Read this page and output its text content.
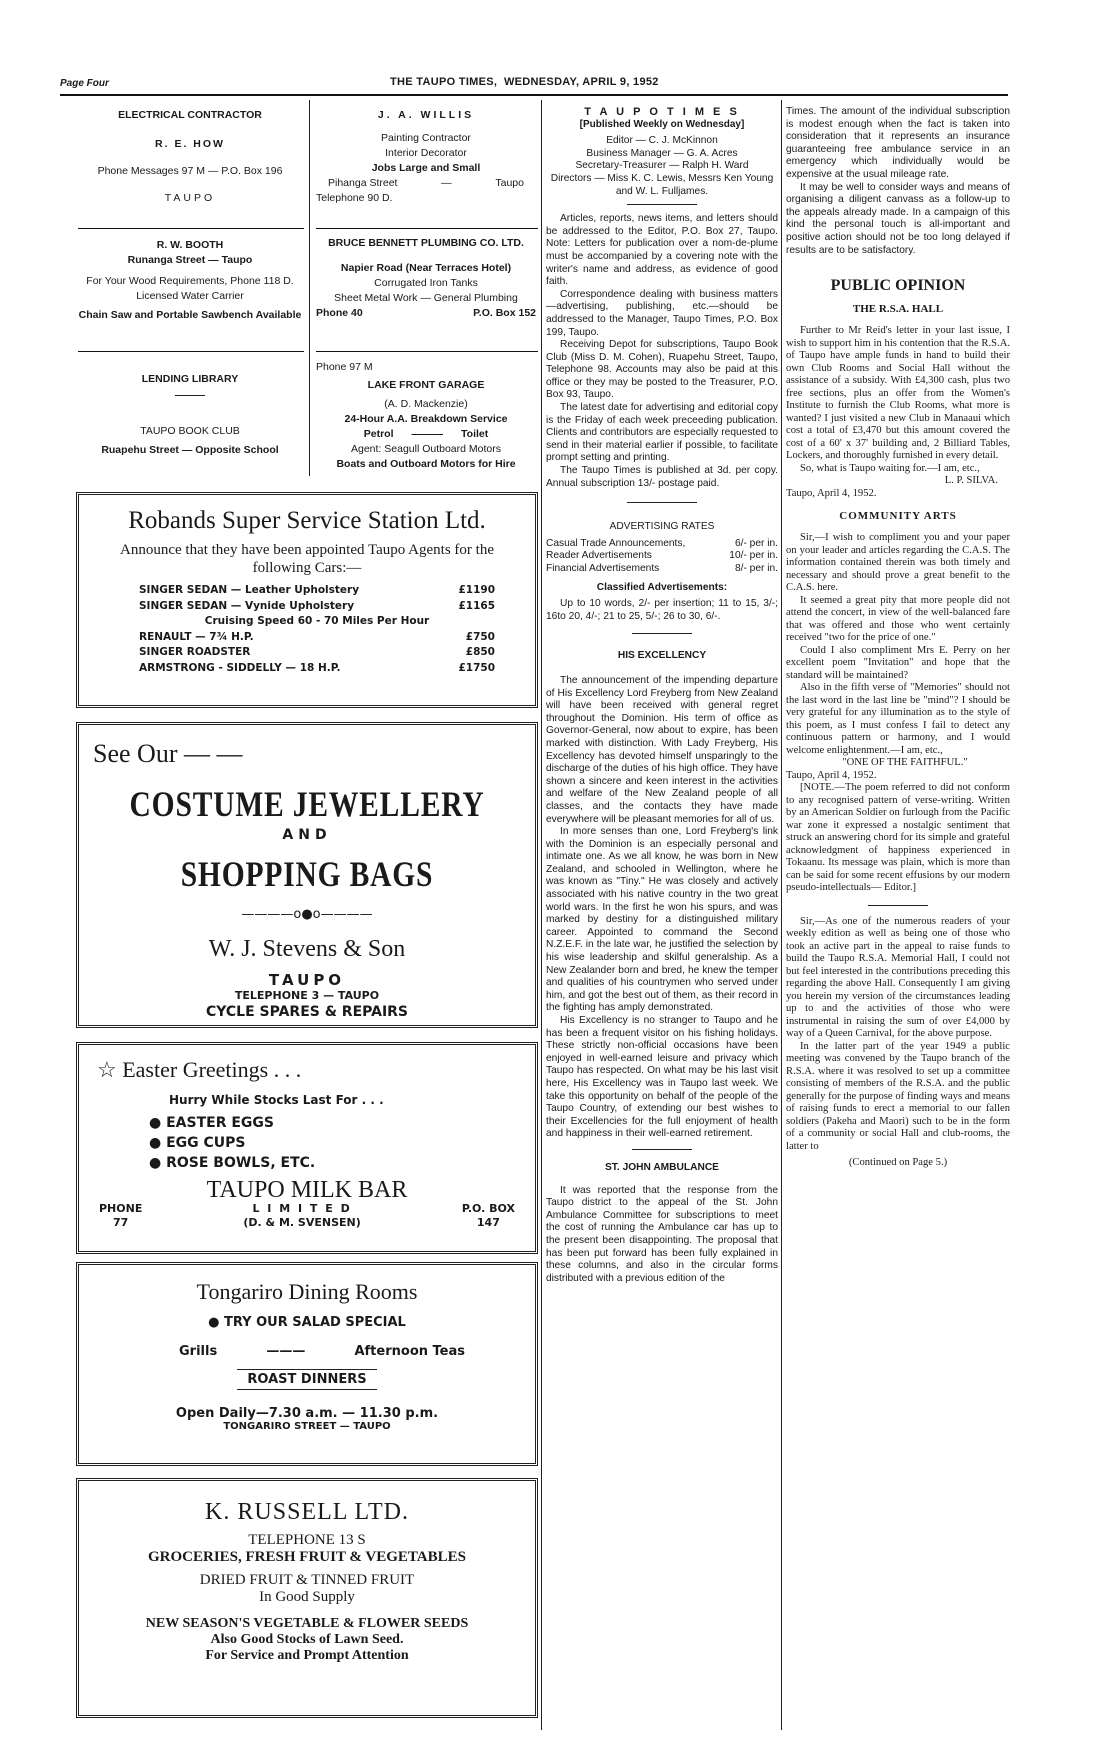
Page Four	THE TAUPO TIMES, WEDNESDAY, APRIL 9, 1952

ELECTRICAL CONTRACTOR

R. E. HOW

Phone Messages 97 M — P.O. Box 196

TAUPO

J. A. WILLIS

Painting Contractor

Interior Decorator

Jobs Large and Small

Pihanga Street	—	Taupo

Telephone 90 D.

R. W. BOOTH

Runanga Street — Taupo

For Your Wood Requirements, Phone 118 D. Licensed Water Carrier

Chain Saw and Portable Sawbench Available

BRUCE BENNETT PLUMBING CO. LTD.

Napier Road (Near Terraces Hotel)

Corrugated Iron Tanks

Sheet Metal Work — General Plumbing

Phone 40	P.O. Box 152

LENDING LIBRARY

TAUPO BOOK CLUB

Ruapehu Street — Opposite School

Phone 97 M

LAKE FRONT GARAGE

(A. D. Mackenzie)

24-Hour A.A. Breakdown Service

Petrol ——— Toilet

Agent: Seagull Outboard Motors

Boats and Outboard Motors for Hire

Robands Super Service Station Ltd.
Announce that they have been appointed Taupo Agents for the following Cars:—
SINGER SEDAN — Leather Upholstery	£1190
SINGER SEDAN — Vynide Upholstery	£1165
Cruising Speed 60 - 70 Miles Per Hour
RENAULT — 7¾ H.P.	£750
SINGER ROADSTER	£850
ARMSTRONG - SIDDELLY — 18 H.P.	£1750
See Our — —
COSTUME JEWELLERY
AND
SHOPPING BAGS
————o●o————
W. J. Stevens & Son
TAUPO
TELEPHONE 3 — TAUPO
CYCLE SPARES & REPAIRS
☆ Easter Greetings . . .
Hurry While Stocks Last For . . .
● EASTER EGGS
● EGG CUPS
● ROSE BOWLS, ETC.
TAUPO MILK BAR
PHONE
77
L I M I T E D
(D. & M. SVENSEN)
P.O. BOX
147
Tongariro Dining Rooms
● TRY OUR SALAD SPECIAL
Grills	———	Afternoon Teas
ROAST DINNERS
Open Daily—7.30 a.m. — 11.30 p.m.
TONGARIRO STREET — TAUPO
K. RUSSELL LTD.
TELEPHONE 13 S
GROCERIES, FRESH FRUIT & VEGETABLES
DRIED FRUIT & TINNED FRUIT
In Good Supply
NEW SEASON'S VEGETABLE & FLOWER SEEDS
Also Good Stocks of Lawn Seed.
For Service and Prompt Attention
T A U P O T I M E S
[Published Weekly on Wednesday]
Editor — C. J. McKinnon
Business Manager — G. A. Acres
Secretary-Treasurer — Ralph H. Ward
Directors — Miss K. C. Lewis, Messrs Ken Young and W. L. Fulljames.

Articles, reports, news items, and letters should be addressed to the Editor, P.O. Box 27, Taupo. Note: Letters for publication over a nom-de-plume must be accompanied by a covering note with the writer's name and address, as evidence of good faith.

Correspondence dealing with business matters—advertising, publishing, etc.—should be addressed to the Manager, Taupo Times, P.O. Box 199, Taupo.

Receiving Depot for subscriptions, Taupo Book Club (Miss D. M. Cohen), Ruapehu Street, Taupo, Telephone 98. Accounts may also be paid at this office or they may be posted to the Treasurer, P.O. Box 93, Taupo.

The latest date for advertising and editorial copy is the Friday of each week preceeding publication. Clients and contributors are especially requested to send in their material earlier if possible, to facilitate prompt setting and printing.

The Taupo Times is published at 3d. per copy. Annual subscription 13/- postage paid.

ADVERTISING RATES
Casual Trade Announcements,	6/- per in.
Reader Advertisements	10/- per in.
Financial Advertisements	8/- per in.
Classified Advertisements:

Up to 10 words, 2/- per insertion; 11 to 15, 3/-; 16to 20, 4/-; 21 to 25, 5/-; 26 to 30, 6/-.

HIS EXCELLENCY

The announcement of the impending departure of His Excellency Lord Freyberg from New Zealand will have been received with general regret throughout the Dominion. His term of office as Governor-General, now about to expire, has been marked with distinction. With Lady Freyberg, His Excellency has devoted himself unsparingly to the discharge of the duties of his high office. They have shown a sincere and keen interest in the activities and welfare of the New Zealand people of all classes, and the contacts they have made everywhere will be pleasant memories for all of us.

In more senses than one, Lord Freyberg's link with the Dominion is an especially personal and intimate one. As we all know, he was born in New Zealand, and schooled in Wellington, where he was known as "Tiny." He was closely and actively associated with his native country in the two great world wars. In the first he won his spurs, and was marked by destiny for a distinguished military career. Appointed to command the Second N.Z.E.F. in the late war, he justified the selection by his wise leadership and skilful generalship. As a New Zealander born and bred, he knew the temper and qualities of his countrymen who served under him, and got the best out of them, as their record in the fighting has amply demonstrated.

His Excellency is no stranger to Taupo and he has been a frequent visitor on his fishing holidays. These strictly non-official occasions have been enjoyed in well-earned leisure and privacy which Taupo has respected. On what may be his last visit here, His Excellency was in Taupo last week. We take this opportunity on behalf of the people of the Taupo Country, of extending our best wishes to their Excellencies for the full enjoyment of health and happiness in their well-earned retirement.

ST. JOHN AMBULANCE

It was reported that the response from the Taupo district to the appeal of the St. John Ambulance Committee for subscriptions to meet the cost of running the Ambulance car has up to the present been disappointing. The proposal that has been put forward has been fully explained in these columns, and also in the circular forms distributed with a previous edition of the

Times. The amount of the individual subscription is modest enough when the fact is taken into consideration that it represents an insurance guaranteeing free ambulance service in an emergency which individually would be expensive at the usual mileage rate.

It may be well to consider ways and means of organising a diligent canvass as a follow-up to the appeals already made. In a campaign of this kind the personal touch is all-important and positive action should not be too long delayed if results are to be satisfactory.

PUBLIC OPINION
THE R.S.A. HALL

Further to Mr Reid's letter in your last issue, I wish to support him in his contention that the R.S.A. of Taupo have ample funds in hand to build their own Club Rooms and Social Hall without the assistance of a subsidy. With £4,300 cash, plus two free sections, plus an offer from the Women's Institute to furnish the Club Rooms, what more is wanted? I just visited a new Club in Manaaui which cost a total of £3,470 but this amount covered the cost of a 60' x 37' building and, 2 Billiard Tables, Lockers, and thoroughly furnished in every detail.

So, what is Taupo waiting for.—I am, etc.,

L. P. SILVA.

Taupo, April 4, 1952.

COMMUNITY ARTS

Sir,—I wish to compliment you and your paper on your leader and articles regarding the C.A.S. The information contained therein was both timely and necessary and should prove a great benefit to the C.A.S. here.

It seemed a great pity that more people did not attend the concert, in view of the well-balanced fare that was offered and those who went certainly received "two for the price of one."

Could I also compliment Mrs E. Perry on her excellent poem "Invitation" and hope that the standard will be maintained?

Also in the fifth verse of "Memories" should not the last word in the last line be "mind"? I should be very grateful for any illumination as to the style of this poem, as I must confess I fail to detect any continuous pattern or harmony, and I would welcome enlightenment.—I am, etc.,

"ONE OF THE FAITHFUL."

Taupo, April 4, 1952.

[NOTE.—The poem referred to did not conform to any recognised pattern of verse-writing. Written by an American Soldier on furlough from the Pacific war zone it expressed a nostalgic sentiment that struck an answering chord for its simple and grateful acknowledgment of happiness experienced in Tokaanu. Its message was plain, which is more than can be said for some recent effusions by our modern pseudo-intellectuals— Editor.]

Sir,—As one of the numerous readers of your weekly edition as well as being one of those who took an active part in the appeal to raise funds to build the Taupo R.S.A. Memorial Hall, I could not but feel interested in the contributions preceding this regarding the above Hall. Consequently I am giving you herein my version of the circumstances leading up to and the activities of those who were instrumental in raising the sum of over £4,000 by way of a Queen Carnival, for the above purpose.

In the latter part of the year 1949 a public meeting was convened by the Taupo branch of the R.S.A. where it was resolved to set up a committee consisting of members of the R.S.A. and the public generally for the purpose of finding ways and means of raising funds to erect a memorial to our fallen soldiers (Pakeha and Maori) such to be in the form of a community or social Hall and club-rooms, the latter to

(Continued on Page 5.)
